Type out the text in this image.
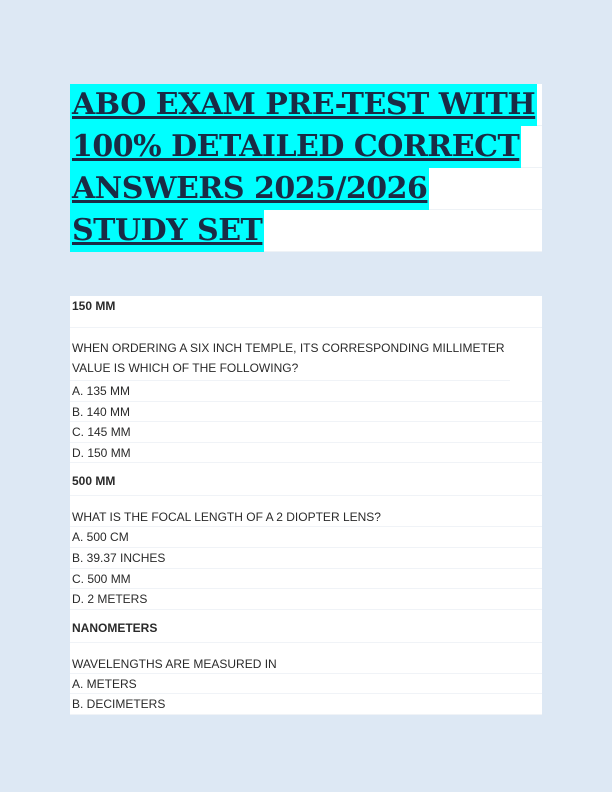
ABO EXAM PRE-TEST WITH
100% DETAILED CORRECT
ANSWERS 2025/2026
STUDY SET
150 MM
WHEN ORDERING A SIX INCH TEMPLE, ITS CORRESPONDING MILLIMETER VALUE IS WHICH OF THE FOLLOWING?
A. 135 MM
B. 140 MM
C. 145 MM
D. 150 MM
500 MM
WHAT IS THE FOCAL LENGTH OF A 2 DIOPTER LENS?
A. 500 CM
B. 39.37 INCHES
C. 500 MM
D. 2 METERS
NANOMETERS
WAVELENGTHS ARE MEASURED IN
A. METERS
B. DECIMETERS
